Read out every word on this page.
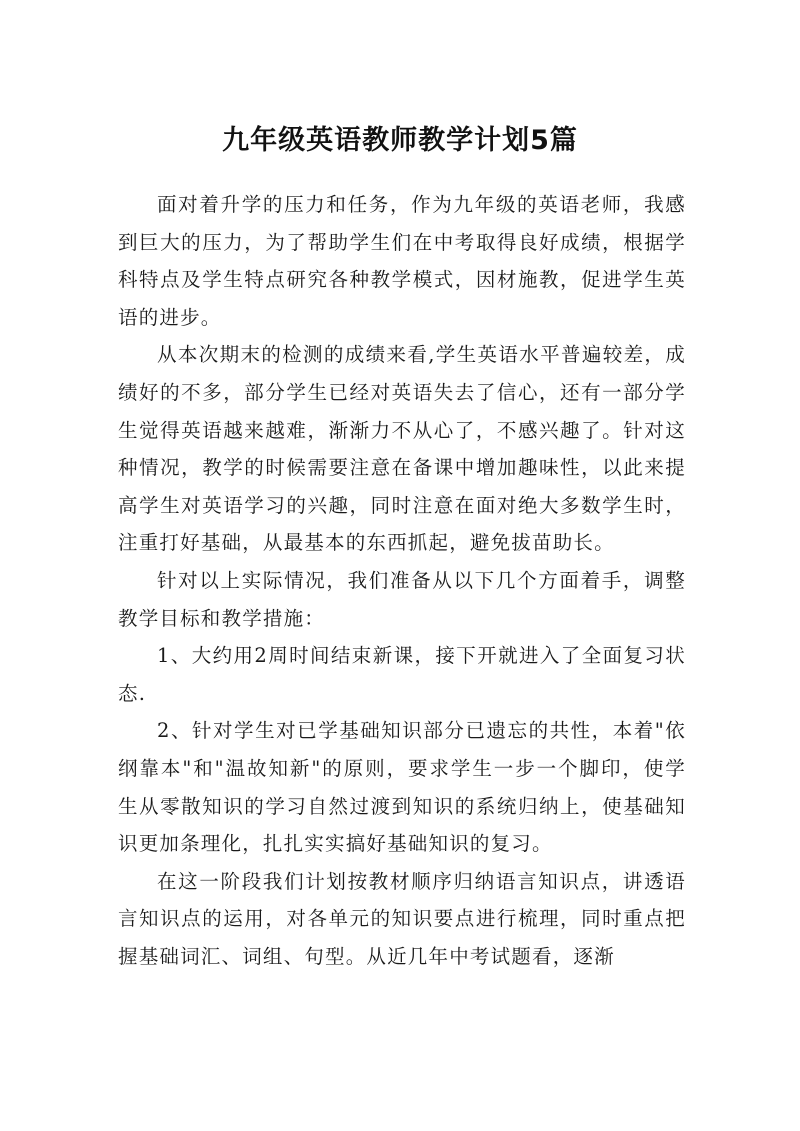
九年级英语教师教学计划5篇

面对着升学的压力和任务，作为九年级的英语老师，我感到巨大的压力，为了帮助学生们在中考取得良好成绩，根据学科特点及学生特点研究各种教学模式，因材施教，促进学生英语的进步。

从本次期末的检测的成绩来看,学生英语水平普遍较差，成绩好的不多，部分学生已经对英语失去了信心，还有一部分学生觉得英语越来越难，渐渐力不从心了，不感兴趣了。针对这种情况，教学的时候需要注意在备课中增加趣味性，以此来提高学生对英语学习的兴趣，同时注意在面对绝大多数学生时，注重打好基础，从最基本的东西抓起，避免拔苗助长。

针对以上实际情况，我们准备从以下几个方面着手，调整教学目标和教学措施：

1、大约用2周时间结束新课，接下开就进入了全面复习状态.

2、针对学生对已学基础知识部分已遗忘的共性，本着"依纲靠本"和"温故知新"的原则，要求学生一步一个脚印，使学生从零散知识的学习自然过渡到知识的系统归纳上，使基础知识更加条理化，扎扎实实搞好基础知识的复习。

在这一阶段我们计划按教材顺序归纳语言知识点，讲透语言知识点的运用，对各单元的知识要点进行梳理，同时重点把握基础词汇、词组、句型。从近几年中考试题看，逐渐
